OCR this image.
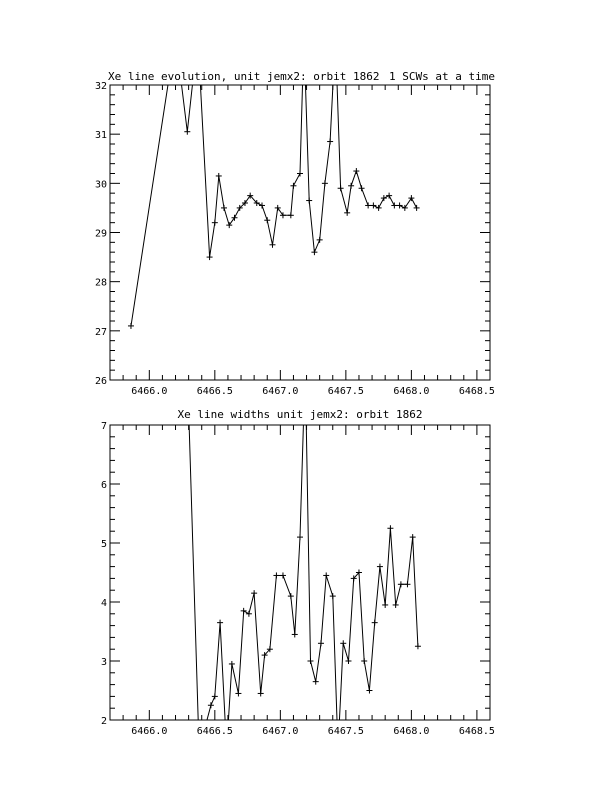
Xe line evolution, unit jemx2: orbit 1862 1 SCWs at a time
6466.0	6466.5	6467.0	6467.5	6468.0	6468.5
26
27
28
29
30
31
32
Xe line widths unit jemx2: orbit 1862
6466.0	6466.5	6467.0	6467.5	6468.0	6468.5
2
3
4
5
6
7
